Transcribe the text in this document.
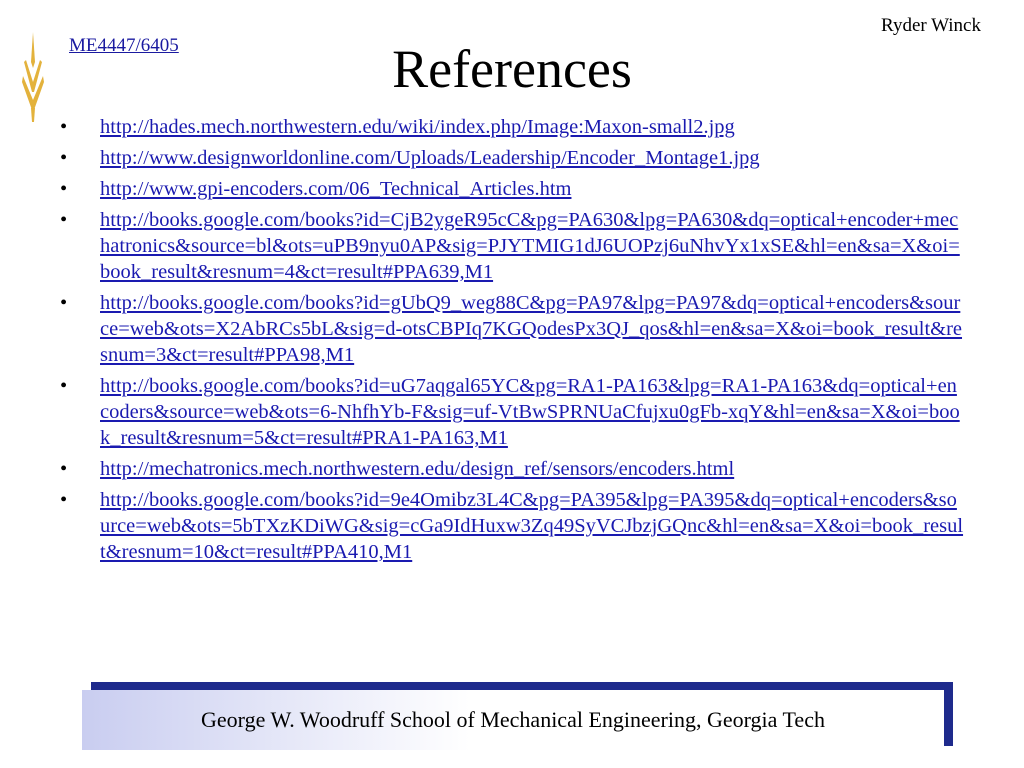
Ryder Winck
ME4447/6405	References
• http://hades.mech.northwestern.edu/wiki/index.php/Image:Maxon-small2.jpg
• http://www.designworldonline.com/Uploads/Leadership/Encoder_Montage1.jpg
• http://www.gpi-encoders.com/06_Technical_Articles.htm
• http://books.google.com/books?id=CjB2ygeR95cC&pg=PA630&lpg=PA630&dq=optical+encoder+mechatronics&source=bl&ots=uPB9nyu0AP&sig=PJYTMIG1dJ6UOPzj6uNhvYx1xSE&hl=en&sa=X&oi=book_result&resnum=4&ct=result#PPA639,M1
• http://books.google.com/books?id=gUbQ9_weg88C&pg=PA97&lpg=PA97&dq=optical+encoders&source=web&ots=X2AbRCs5bL&sig=d-otsCBPIq7KGQodesPx3QJ_qos&hl=en&sa=X&oi=book_result&resnum=3&ct=result#PPA98,M1
• http://books.google.com/books?id=uG7aqgal65YC&pg=RA1-PA163&lpg=RA1-PA163&dq=optical+encoders&source=web&ots=6-NhfhYb-F&sig=uf-VtBwSPRNUaCfujxu0gFb-xqY&hl=en&sa=X&oi=book_result&resnum=5&ct=result#PRA1-PA163,M1
• http://mechatronics.mech.northwestern.edu/design_ref/sensors/encoders.html
• http://books.google.com/books?id=9e4Omibz3L4C&pg=PA395&lpg=PA395&dq=optical+encoders&source=web&ots=5bTXzKDiWG&sig=cGa9IdHuxw3Zq49SyVCJbzjGQnc&hl=en&sa=X&oi=book_result&resnum=10&ct=result#PPA410,M1
George W. Woodruff School of Mechanical Engineering, Georgia Tech
